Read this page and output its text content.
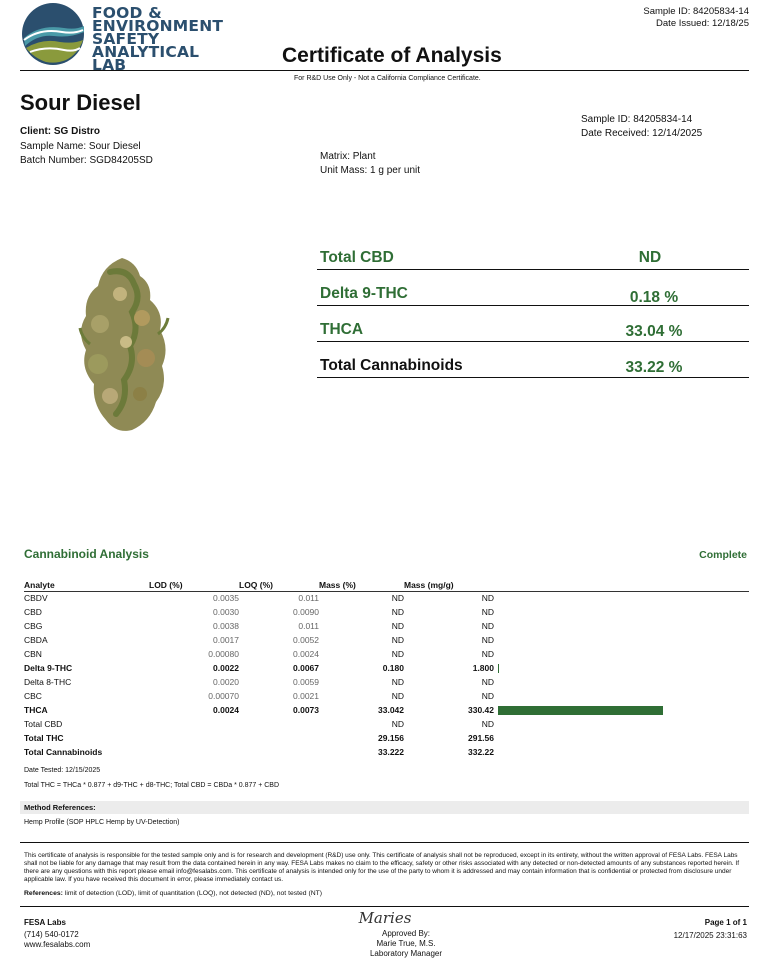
FOOD &
ENVIRONMENT
SAFETY
ANALYTICAL LAB
Sample ID: 84205834-14
Date Issued: 12/18/25
Certificate of Analysis
For R&D Use Only - Not a California Compliance Certificate.
Sour Diesel
Client: SG Distro
Sample Name: Sour Diesel
Batch Number: SGD84205SD	Matrix: Plant
Unit Mass: 1 g per unit
Sample ID: 84205834-14
Date Received: 12/14/2025
Total CBD	ND
Delta 9-THC	0.18 %
THCA	33.04 %
Total Cannabinoids	33.22 %
Cannabinoid Analysis	Complete
Analyte	LOD (%)	LOQ (%)	Mass (%)	Mass (mg/g)	
CBDV	0.0035	0.011	ND	ND	
CBD	0.0030	0.0090	ND	ND	
CBG	0.0038	0.011	ND	ND	
CBDA	0.0017	0.0052	ND	ND	
CBN	0.00080	0.0024	ND	ND	
Delta 9-THC	0.0022	0.0067	0.180	1.800	

Delta 8-THC	0.0020	0.0059	ND	ND	
CBC	0.00070	0.0021	ND	ND	
THCA	0.0024	0.0073	33.042	330.42	

Total CBD			ND	ND	
Total THC			29.156	291.56	
Total Cannabinoids			33.222	332.22	
Date Tested: 12/15/2025
Total THC = THCa * 0.877 + d9-THC + d8-THC; Total CBD = CBDa * 0.877 + CBD
Method References:
Hemp Profile (SOP HPLC Hemp by UV-Detection)
This certificate of analysis is responsible for the tested sample only and is for research and development (R&D) use only. This certificate of analysis shall not be reproduced, except in its entirety, without the written approval of FESA Labs. FESA Labs shall not be liable for any damage that may result from the data contained herein in any way. FESA Labs makes no claim to the efficacy, safety or other risks associated with any detected or non-detected amounts of any substances reported herein. If there are any questions with this report please email info@fesalabs.com. This certificate of analysis is intended only for the use of the party to whom it is addressed and may contain information that is confidential or protected from disclosure under applicable law. If you have received this document in error, please immediately contact us.
References: limit of detection (LOD), limit of quantitation (LOQ), not detected (ND), not tested (NT)
FESA Labs
(714) 540-0172
www.fesalabs.com
Maries
Approved By:
Marie True, M.S.
Laboratory Manager
Page 1 of 1
12/17/2025 23:31:63
